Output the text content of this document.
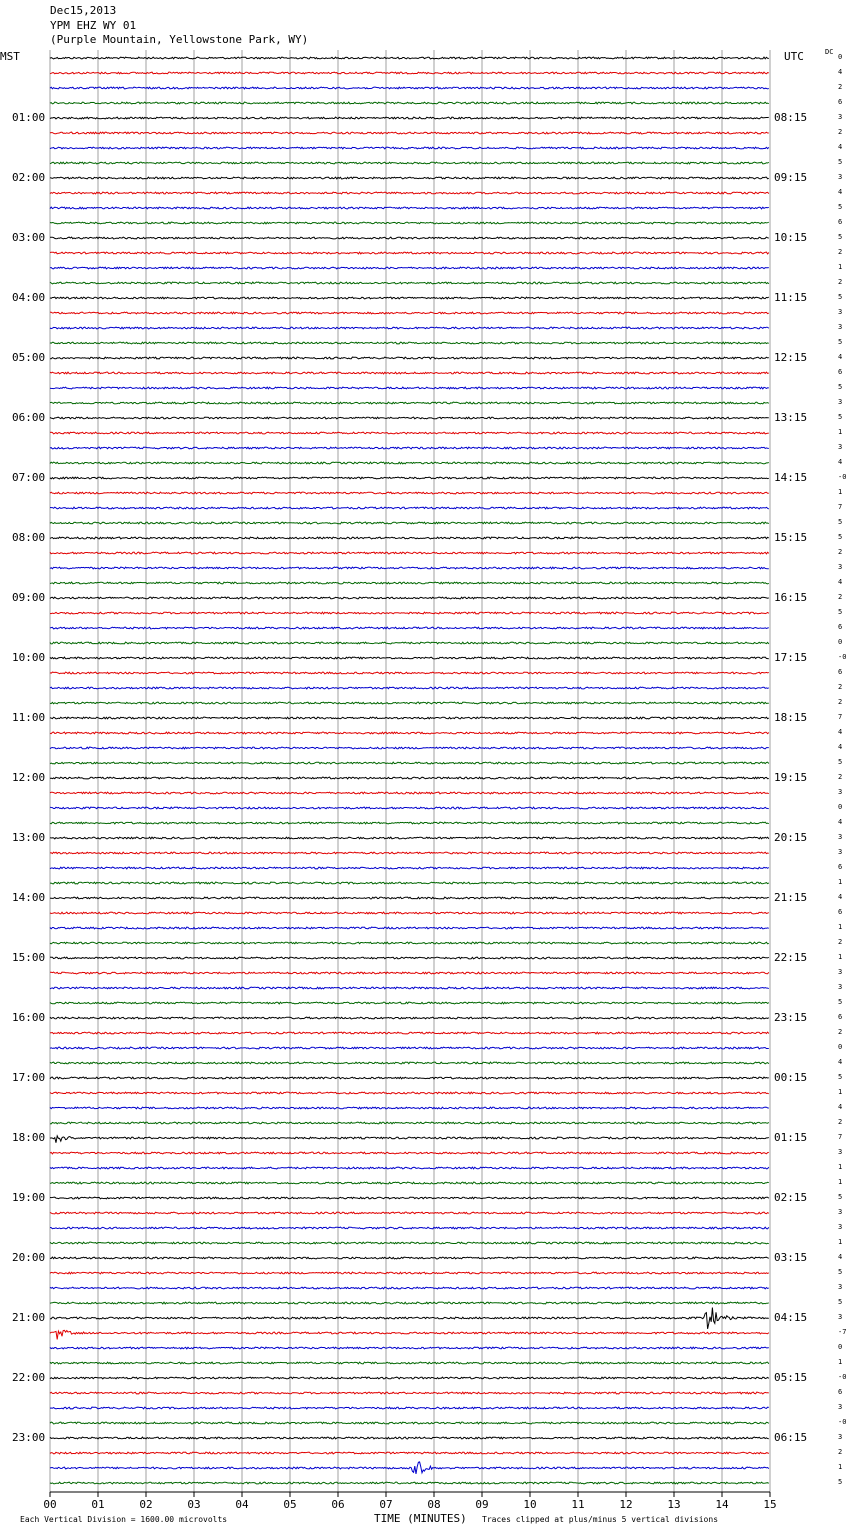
Dec15,2013
YPM EHZ WY 01
(Purple Mountain, Yellowstone Park, WY)
00	01	02	03	04	05	06	07	08	09	10	11	12	13	14	15
MST	UTC	DC
0
4
2
6
3
2
4
5
3
4
5
6
5
2
1
2
5
3
3
5
4
6
5
3
5
1
3
4
-0
1
7
5
5
2
3
4
2
5
6
0
-0
6
2
2
7
4
4
5
2
3
0
4
3
3
6
1
4
6
1
2
1
3
3
5
6
2
0
4
5
1
4
2
7
3
1
1
5
3
3
1
4
5
3
5
3
-7
0
1
-0
6
3
-0
3
2
1
5
01:00	08:15
02:00	09:15
03:00	10:15
04:00	11:15
05:00	12:15
06:00	13:15
07:00	14:15
08:00	15:15
09:00	16:15
10:00	17:15
11:00	18:15
12:00	19:15
13:00	20:15
14:00	21:15
15:00	22:15
16:00	23:15
17:00	00:15
18:00	01:15
19:00	02:15
20:00	03:15
21:00	04:15
22:00	05:15
23:00	06:15
Each Vertical Division = 1600.00 microvolts	TIME (MINUTES) Traces clipped at plus/minus 5 vertical divisions
